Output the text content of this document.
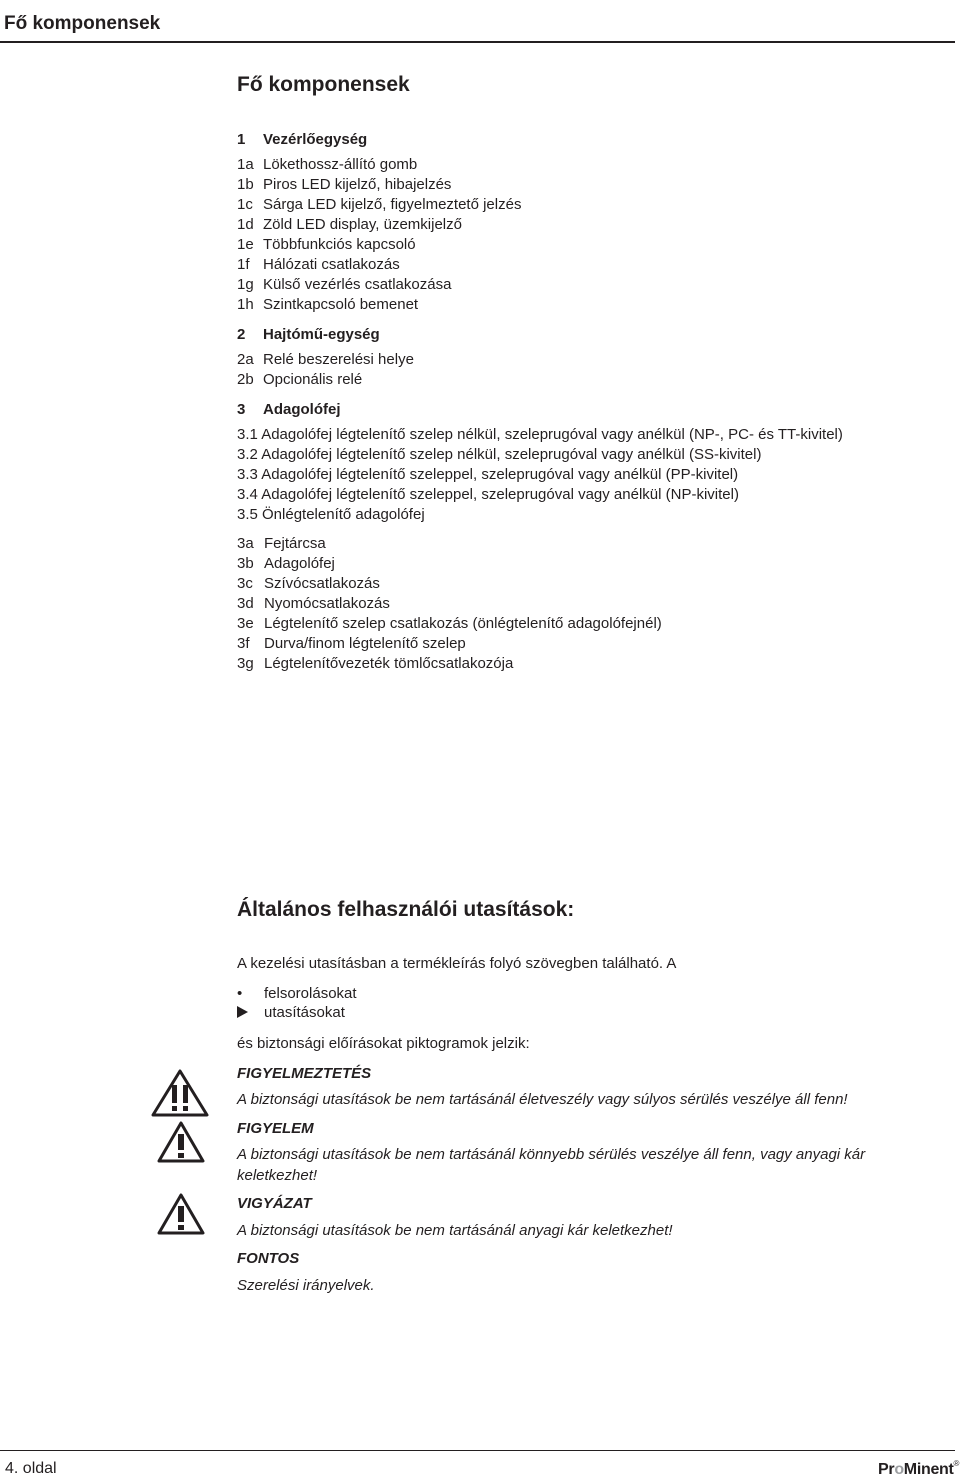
Fő komponensek
Fő komponensek
1 Vezérlőegység
1a Lökethossz-állító gomb
1b Piros LED kijelző, hibajelzés
1c Sárga LED kijelző, figyelmeztető jelzés
1d Zöld LED display, üzemkijelző
1e Többfunkciós kapcsoló
1f Hálózati csatlakozás
1g Külső vezérlés csatlakozása
1h Szintkapcsoló bemenet
2 Hajtómű-egység
2a Relé beszerelési helye
2b Opcionális relé
3 Adagolófej
3.1 Adagolófej légtelenítő szelep nélkül, szeleprugóval vagy anélkül (NP-, PC- és TT-kivitel)
3.2 Adagolófej légtelenítő szelep nélkül, szeleprugóval vagy anélkül (SS-kivitel)
3.3 Adagolófej légtelenítő szeleppel, szeleprugóval vagy anélkül (PP-kivitel)
3.4 Adagolófej légtelenítő szeleppel, szeleprugóval vagy anélkül (NP-kivitel)
3.5 Önlégtelenítő adagolófej
3a Fejtárcsa
3b Adagolófej
3c Szívócsatlakozás
3d Nyomócsatlakozás
3e Légtelenítő szelep csatlakozás (önlégtelenítő adagolófejnél)
3f Durva/finom légtelenítő szelep
3g Légtelenítővezeték tömlőcsatlakozója
Általános felhasználói utasítások:

A kezelési utasításban a termékleírás folyó szövegben található. A

• felsorolásokat
utasításokat

és biztonsági előírásokat piktogramok jelzik:

FIGYELMEZTETÉS

A biztonsági utasítások be nem tartásánál életveszély vagy súlyos sérülés veszélye áll fenn!

FIGYELEM

A biztonsági utasítások be nem tartásánál könnyebb sérülés veszélye áll fenn, vagy anyagi kár keletkezhet!

VIGYÁZAT

A biztonsági utasítások be nem tartásánál anyagi kár keletkezhet!

FONTOS

Szerelési irányelvek.

4. oldal	ProMinent®
